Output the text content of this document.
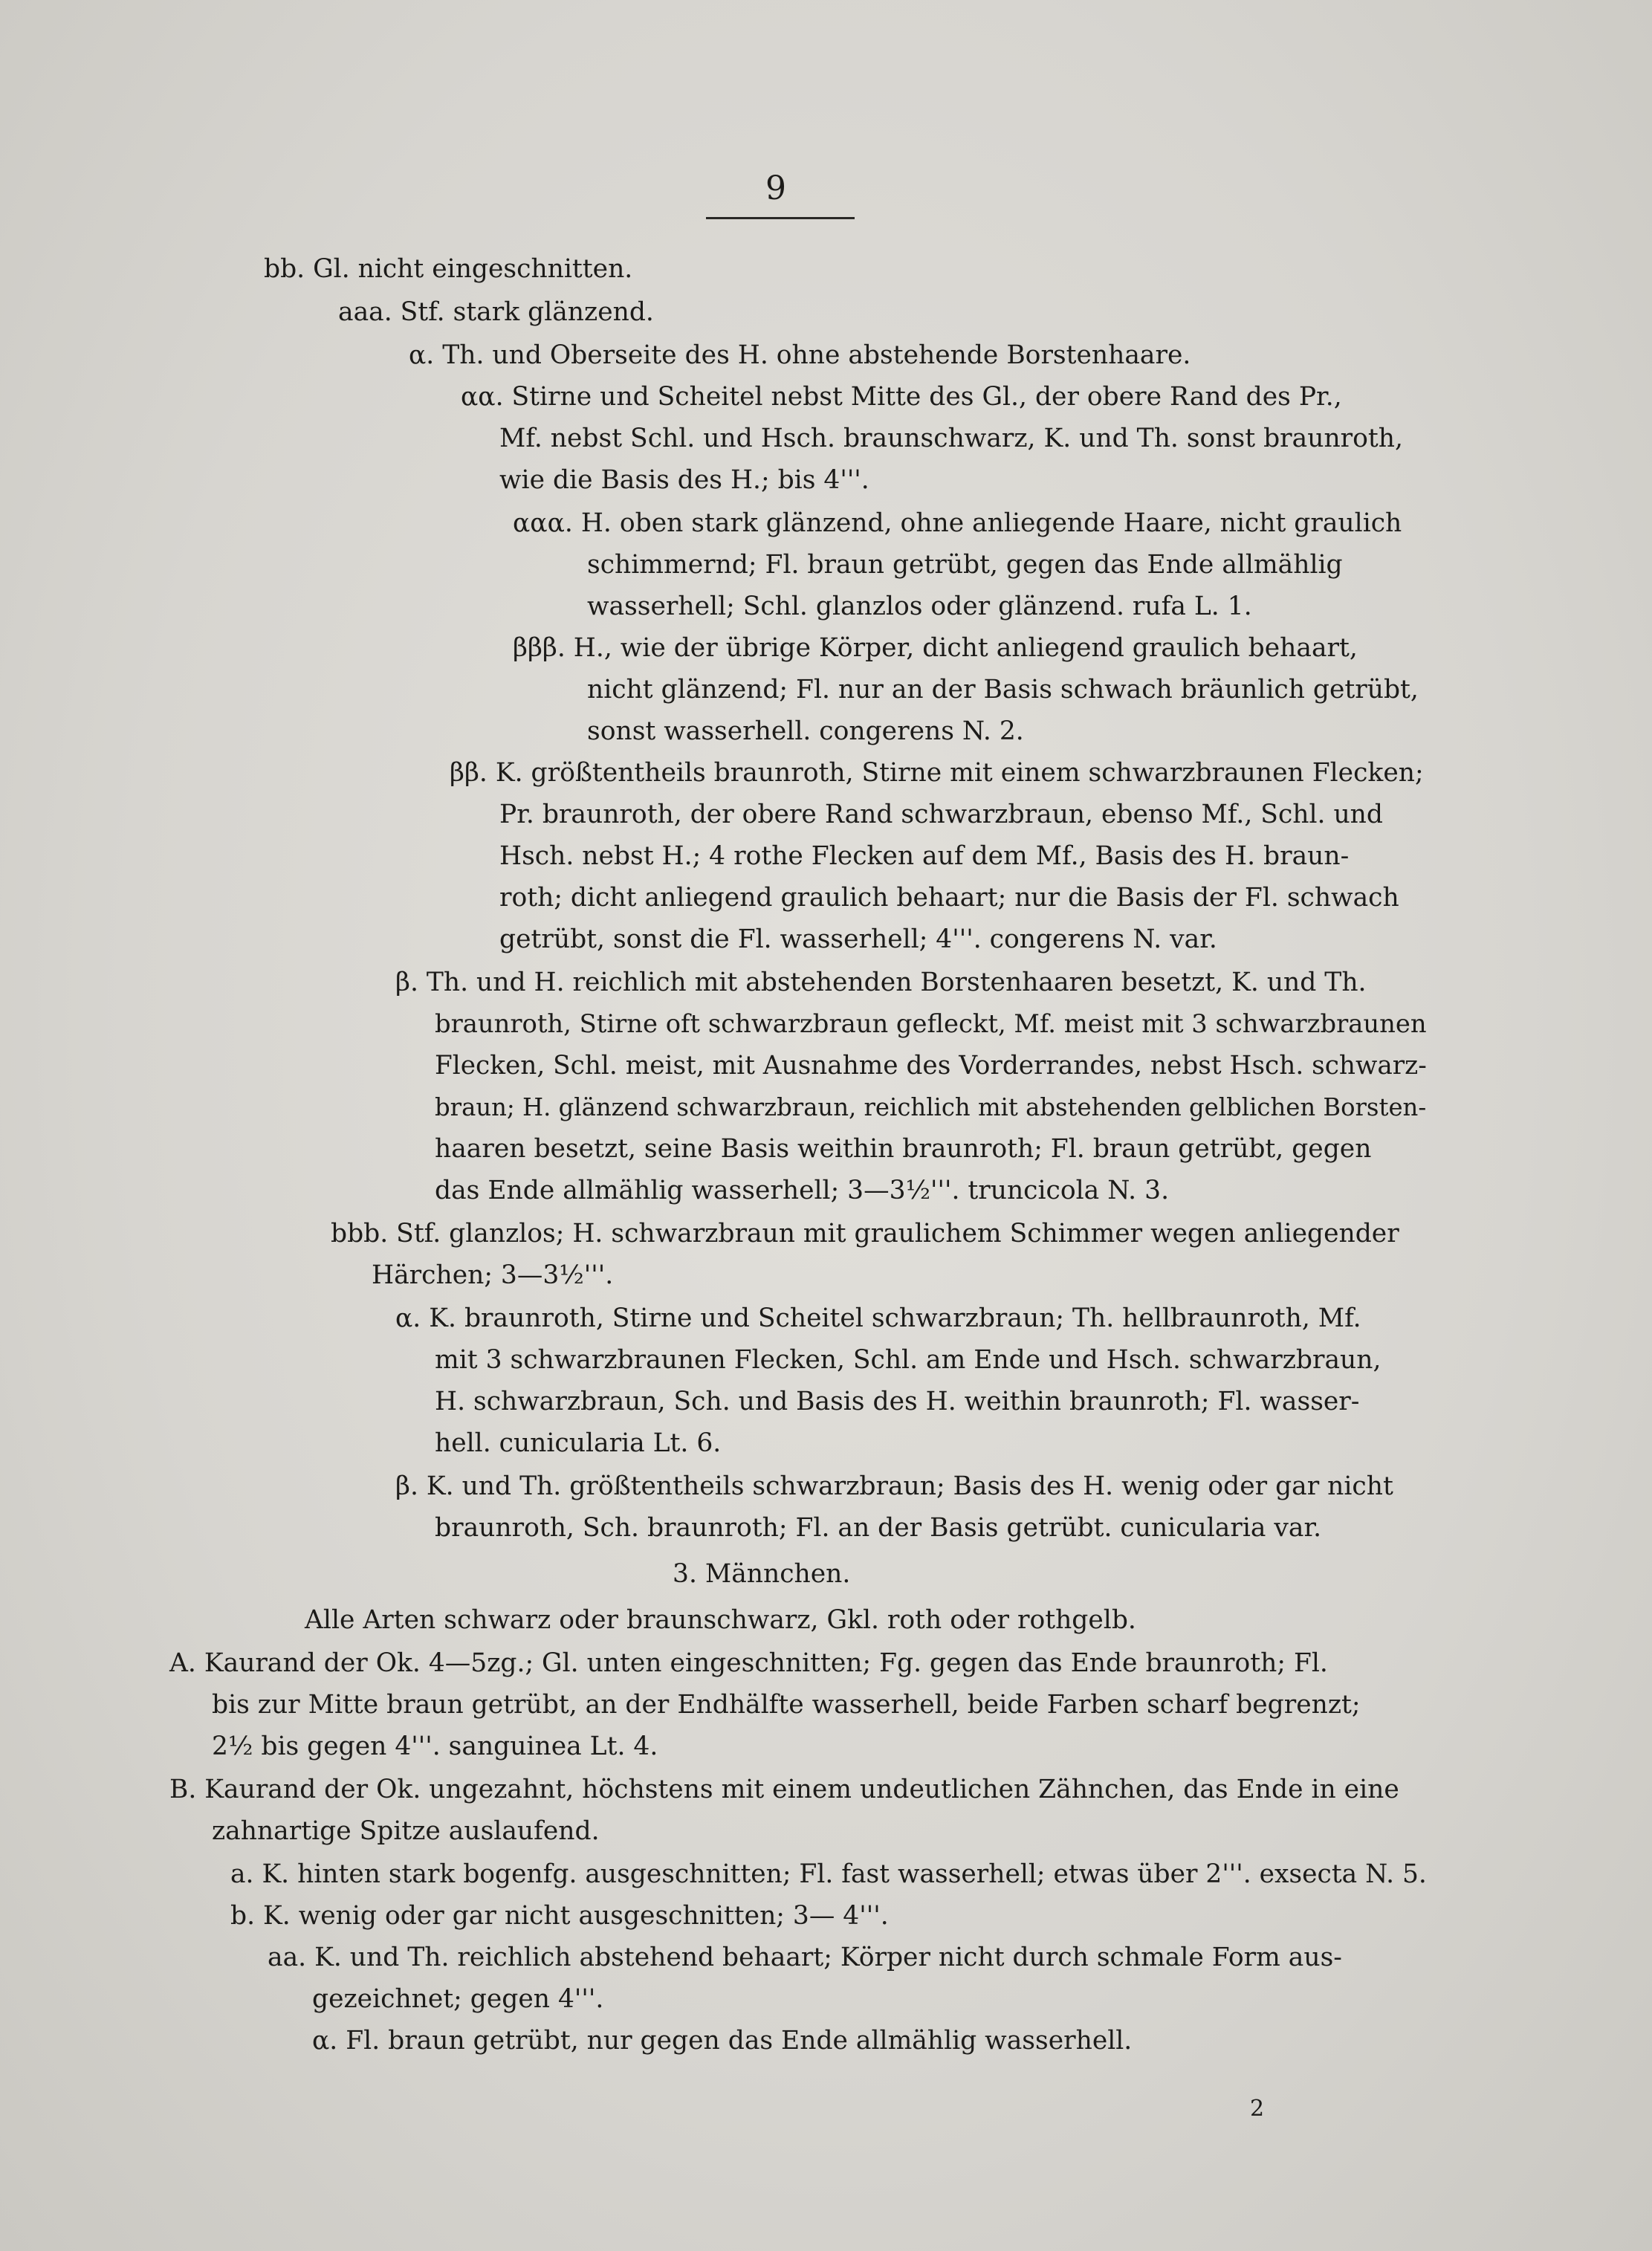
9
bb. Gl. nicht eingeschnitten.
aaa. Stf. stark glänzend.
α. Th. und Oberseite des H. ohne abstehende Borstenhaare.
αα. Stirne und Scheitel nebst Mitte des Gl., der obere Rand des Pr.,
Mf. nebst Schl. und Hsch. braunschwarz, K. und Th. sonst braunroth,
wie die Basis des H.; bis 4'''.
ααα. H. oben stark glänzend, ohne anliegende Haare, nicht graulich
schimmernd; Fl. braun getrübt, gegen das Ende allmählig
wasserhell; Schl. glanzlos oder glänzend. rufa L. 1.
βββ. H., wie der übrige Körper, dicht anliegend graulich behaart,
nicht glänzend; Fl. nur an der Basis schwach bräunlich getrübt,
sonst wasserhell. congerens N. 2.
ββ. K. größtentheils braunroth, Stirne mit einem schwarzbraunen Flecken;
Pr. braunroth, der obere Rand schwarzbraun, ebenso Mf., Schl. und
Hsch. nebst H.; 4 rothe Flecken auf dem Mf., Basis des H. braun-
roth; dicht anliegend graulich behaart; nur die Basis der Fl. schwach
getrübt, sonst die Fl. wasserhell; 4'''. congerens N. var.
β. Th. und H. reichlich mit abstehenden Borstenhaaren besetzt, K. und Th.
braunroth, Stirne oft schwarzbraun gefleckt, Mf. meist mit 3 schwarzbraunen
Flecken, Schl. meist, mit Ausnahme des Vorderrandes, nebst Hsch. schwarz-
braun; H. glänzend schwarzbraun, reichlich mit abstehenden gelblichen Borsten-
haaren besetzt, seine Basis weithin braunroth; Fl. braun getrübt, gegen
das Ende allmählig wasserhell; 3—3½'''. truncicola N. 3.
bbb. Stf. glanzlos; H. schwarzbraun mit graulichem Schimmer wegen anliegender
Härchen; 3—3½'''.
α. K. braunroth, Stirne und Scheitel schwarzbraun; Th. hellbraunroth, Mf.
mit 3 schwarzbraunen Flecken, Schl. am Ende und Hsch. schwarzbraun,
H. schwarzbraun, Sch. und Basis des H. weithin braunroth; Fl. wasser-
hell. cunicularia Lt. 6.
β. K. und Th. größtentheils schwarzbraun; Basis des H. wenig oder gar nicht
braunroth, Sch. braunroth; Fl. an der Basis getrübt. cunicularia var.
3. Männchen.
Alle Arten schwarz oder braunschwarz, Gkl. roth oder rothgelb.
A. Kaurand der Ok. 4—5zg.; Gl. unten eingeschnitten; Fg. gegen das Ende braunroth; Fl.
bis zur Mitte braun getrübt, an der Endhälfte wasserhell, beide Farben scharf begrenzt;
2½ bis gegen 4'''. sanguinea Lt. 4.
B. Kaurand der Ok. ungezahnt, höchstens mit einem undeutlichen Zähnchen, das Ende in eine
zahnartige Spitze auslaufend.
a. K. hinten stark bogenfg. ausgeschnitten; Fl. fast wasserhell; etwas über 2'''. exsecta N. 5.
b. K. wenig oder gar nicht ausgeschnitten; 3— 4'''.
aa. K. und Th. reichlich abstehend behaart; Körper nicht durch schmale Form aus-
gezeichnet; gegen 4'''.
α. Fl. braun getrübt, nur gegen das Ende allmählig wasserhell.
2
